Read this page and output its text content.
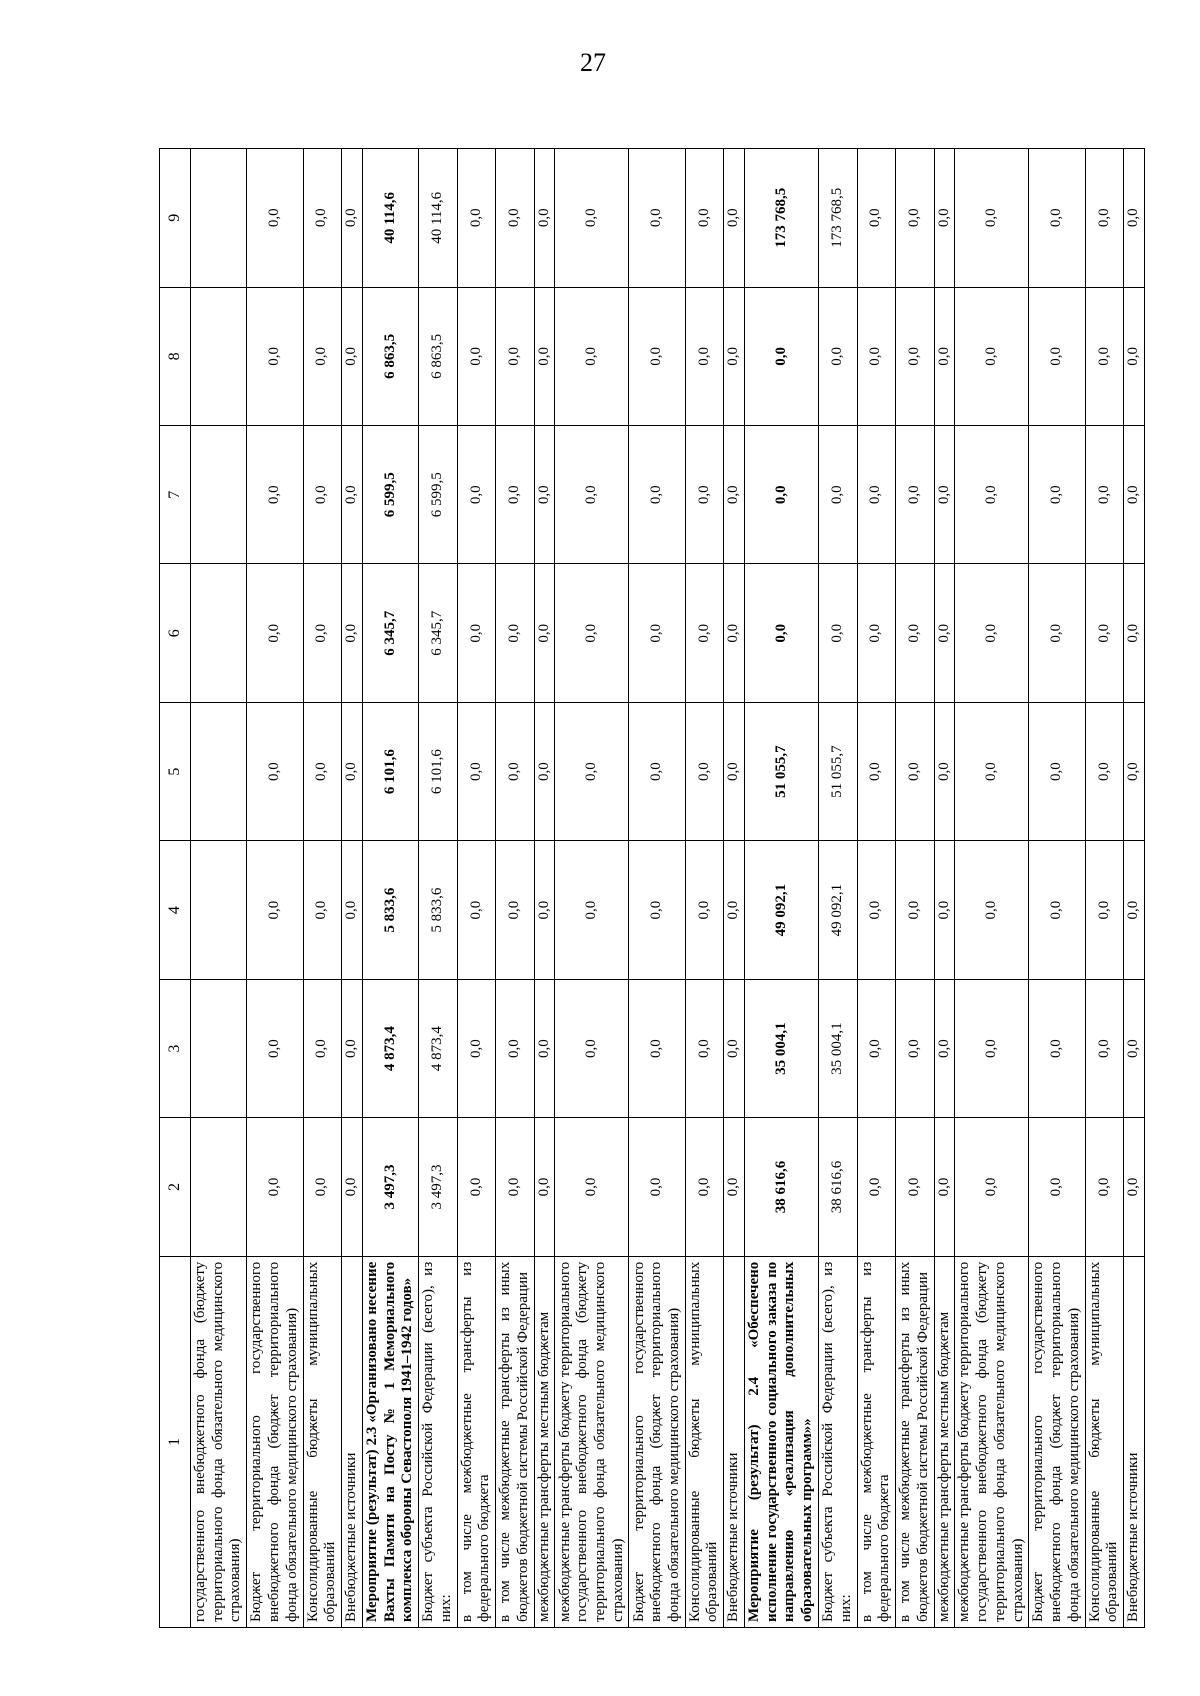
27
1	2	3	4	5	6	7	8	9
государственного внебюджетного фонда (бюджету территориального фонда обязательного медицинского страхования)								
Бюджет территориального государственного внебюджетного фонда (бюджет территориального фонда обязательного медицинского страхования)	0,0	0,0	0,0	0,0	0,0	0,0	0,0	0,0
Консолидированные бюджеты муниципальных образований	0,0	0,0	0,0	0,0	0,0	0,0	0,0	0,0
Внебюджетные источники	0,0	0,0	0,0	0,0	0,0	0,0	0,0	0,0
Мероприятие (результат) 2.3 «Организовано несение Вахты Памяти на Посту № 1 Мемориального комплекса обороны Севастополя 1941–1942 годов»	3 497,3	4 873,4	5 833,6	6 101,6	6 345,7	6 599,5	6 863,5	40 114,6
Бюджет субъекта Российской Федерации (всего), из них:	3 497,3	4 873,4	5 833,6	6 101,6	6 345,7	6 599,5	6 863,5	40 114,6
в том числе межбюджетные трансферты из федерального бюджета	0,0	0,0	0,0	0,0	0,0	0,0	0,0	0,0
в том числе межбюджетные трансферты из иных бюджетов бюджетной системы Российской Федерации	0,0	0,0	0,0	0,0	0,0	0,0	0,0	0,0
межбюджетные трансферты местным бюджетам	0,0	0,0	0,0	0,0	0,0	0,0	0,0	0,0
межбюджетные трансферты бюджету территориального государственного внебюджетного фонда (бюджету территориального фонда обязательного медицинского страхования)	0,0	0,0	0,0	0,0	0,0	0,0	0,0	0,0
Бюджет территориального государственного внебюджетного фонда (бюджет территориального фонда обязательного медицинского страхования)	0,0	0,0	0,0	0,0	0,0	0,0	0,0	0,0
Консолидированные бюджеты муниципальных образований	0,0	0,0	0,0	0,0	0,0	0,0	0,0	0,0
Внебюджетные источники	0,0	0,0	0,0	0,0	0,0	0,0	0,0	0,0
Мероприятие (результат) 2.4 «Обеспечено исполнение государственного социального заказа по направлению «реализация дополнительных образовательных программ»»	38 616,6	35 004,1	49 092,1	51 055,7	0,0	0,0	0,0	173 768,5
Бюджет субъекта Российской Федерации (всего), из них:	38 616,6	35 004,1	49 092,1	51 055,7	0,0	0,0	0,0	173 768,5
в том числе межбюджетные трансферты из федерального бюджета	0,0	0,0	0,0	0,0	0,0	0,0	0,0	0,0
в том числе межбюджетные трансферты из иных бюджетов бюджетной системы Российской Федерации	0,0	0,0	0,0	0,0	0,0	0,0	0,0	0,0
межбюджетные трансферты местным бюджетам	0,0	0,0	0,0	0,0	0,0	0,0	0,0	0,0
межбюджетные трансферты бюджету территориального государственного внебюджетного фонда (бюджету территориального фонда обязательного медицинского страхования)	0,0	0,0	0,0	0,0	0,0	0,0	0,0	0,0
Бюджет территориального государственного внебюджетного фонда (бюджет территориального фонда обязательного медицинского страхования)	0,0	0,0	0,0	0,0	0,0	0,0	0,0	0,0
Консолидированные бюджеты муниципальных образований	0,0	0,0	0,0	0,0	0,0	0,0	0,0	0,0
Внебюджетные источники	0,0	0,0	0,0	0,0	0,0	0,0	0,0	0,0
